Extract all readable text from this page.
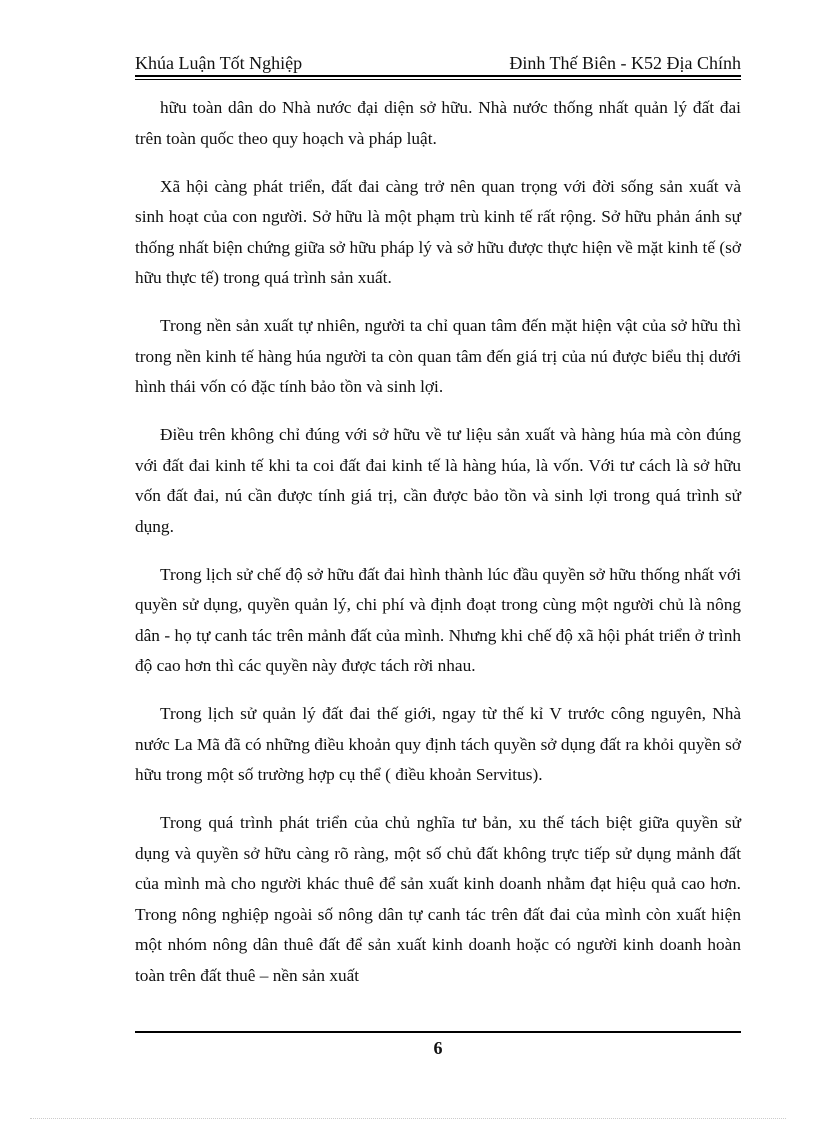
Khúa Luận Tốt Nghiệp	Đinh Thế Biên - K52 Địa Chính

hữu toàn dân do Nhà nước đại diện sở hữu. Nhà nước thống nhất quản lý đất đai trên toàn quốc theo quy hoạch và pháp luật.

Xã hội càng phát triển, đất đai càng trở nên quan trọng với đời sống sản xuất và sinh hoạt của con người. Sở hữu là một phạm trù kinh tế rất rộng. Sở hữu phản ánh sự thống nhất biện chứng giữa sở hữu pháp lý và sở hữu được thực hiện về mặt kinh tế (sở hữu thực tế) trong quá trình sản xuất.

Trong nền sản xuất tự nhiên, người ta chỉ quan tâm đến mặt hiện vật của sở hữu thì trong nền kinh tế hàng húa người ta còn quan tâm đến giá trị của nú được biểu thị dưới hình thái vốn có đặc tính bảo tồn và sinh lợi.

Điều trên không chỉ đúng với sở hữu về tư liệu sản xuất và hàng húa mà còn đúng với đất đai kinh tế khi ta coi đất đai kinh tế là hàng húa, là vốn. Với tư cách là sở hữu vốn đất đai, nú cần được tính giá trị, cần được bảo tồn và sinh lợi trong quá trình sử dụng.

Trong lịch sử chế độ sở hữu đất đai hình thành lúc đầu quyền sở hữu thống nhất với quyền sử dụng, quyền quản lý, chi phí và định đoạt trong cùng một người chủ là nông dân - họ tự canh tác trên mảnh đất của mình. Nhưng khi chế độ xã hội phát triển ở trình độ cao hơn thì các quyền này được tách rời nhau.

Trong lịch sử quản lý đất đai thế giới, ngay từ thế kỉ V trước công nguyên, Nhà nước La Mã đã có những điều khoản quy định tách quyền sở dụng đất ra khỏi quyền sở hữu trong một số trường hợp cụ thể ( điều khoản Servitus).

Trong quá trình phát triển của chủ nghĩa tư bản, xu thế tách biệt giữa quyền sử dụng và quyền sở hữu càng rõ ràng, một số chủ đất không trực tiếp sử dụng mảnh đất của mình mà cho người khác thuê để sản xuất kinh doanh nhằm đạt hiệu quả cao hơn. Trong nông nghiệp ngoài số nông dân tự canh tác trên đất đai của mình còn xuất hiện một nhóm nông dân thuê đất để sản xuất kinh doanh hoặc có người kinh doanh hoàn toàn trên đất thuê – nền sản xuất

6
